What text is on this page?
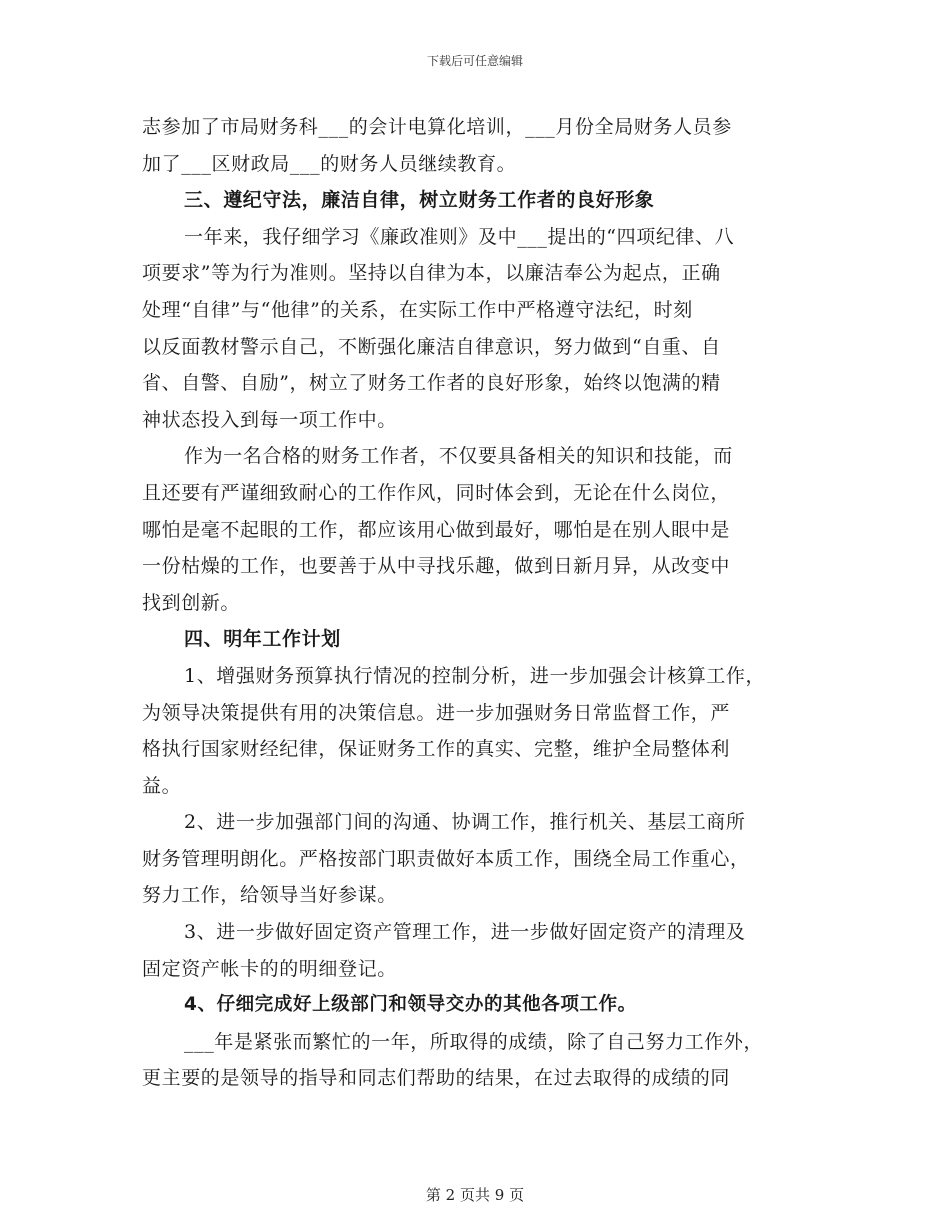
下载后可任意编辑
志参加了市局财务科___的会计电算化培训，___月份全局财务人员参
加了___区财政局___的财务人员继续教育。
三、遵纪守法，廉洁自律，树立财务工作者的良好形象
一年来，我仔细学习《廉政准则》及中___提出的“四项纪律、八
项要求”等为行为准则。坚持以自律为本，以廉洁奉公为起点，正确
处理“自律”与“他律”的关系，在实际工作中严格遵守法纪，时刻
以反面教材警示自己，不断强化廉洁自律意识，努力做到“自重、自
省、自警、自励”，树立了财务工作者的良好形象，始终以饱满的精
神状态投入到每一项工作中。
作为一名合格的财务工作者，不仅要具备相关的知识和技能，而
且还要有严谨细致耐心的工作作风，同时体会到，无论在什么岗位，
哪怕是毫不起眼的工作，都应该用心做到最好，哪怕是在别人眼中是
一份枯燥的工作，也要善于从中寻找乐趣，做到日新月异，从改变中
找到创新。
四、明年工作计划
1、增强财务预算执行情况的控制分析，进一步加强会计核算工作，
为领导决策提供有用的决策信息。进一步加强财务日常监督工作，严
格执行国家财经纪律，保证财务工作的真实、完整，维护全局整体利
益。
2、进一步加强部门间的沟通、协调工作，推行机关、基层工商所
财务管理明朗化。严格按部门职责做好本质工作，围绕全局工作重心，
努力工作，给领导当好参谋。
3、进一步做好固定资产管理工作，进一步做好固定资产的清理及
固定资产帐卡的的明细登记。
4、仔细完成好上级部门和领导交办的其他各项工作。
___年是紧张而繁忙的一年，所取得的成绩，除了自己努力工作外，
更主要的是领导的指导和同志们帮助的结果，在过去取得的成绩的同
第 2 页共 9 页
